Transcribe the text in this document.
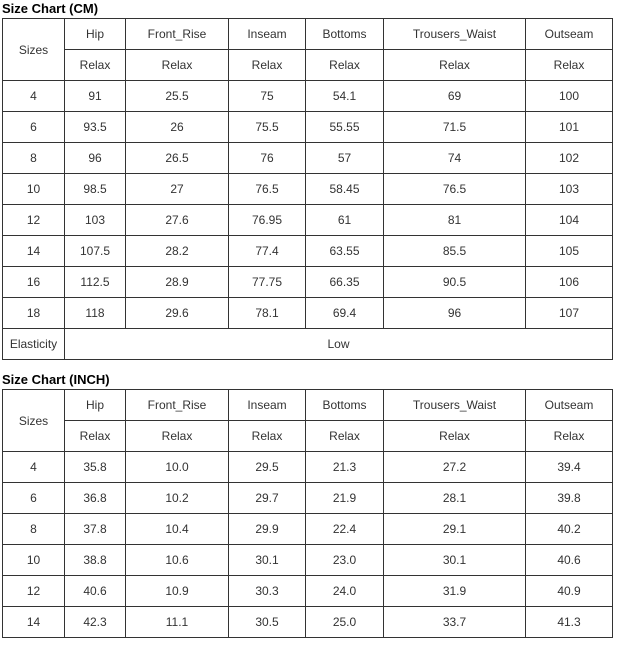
Size Chart (CM)
Sizes	Hip	Front_Rise	Inseam	Bottoms	Trousers_Waist	Outseam
	Relax	Relax	Relax	Relax	Relax	Relax
4	91	25.5	75	54.1	69	100
6	93.5	26	75.5	55.55	71.5	101
8	96	26.5	76	57	74	102
10	98.5	27	76.5	58.45	76.5	103
12	103	27.6	76.95	61	81	104
14	107.5	28.2	77.4	63.55	85.5	105
16	112.5	28.9	77.75	66.35	90.5	106
18	118	29.6	78.1	69.4	96	107
Elasticity	Low					
Size Chart (INCH)
Sizes	Hip	Front_Rise	Inseam	Bottoms	Trousers_Waist	Outseam
	Relax	Relax	Relax	Relax	Relax	Relax
4	35.8	10.0	29.5	21.3	27.2	39.4
6	36.8	10.2	29.7	21.9	28.1	39.8
8	37.8	10.4	29.9	22.4	29.1	40.2
10	38.8	10.6	30.1	23.0	30.1	40.6
12	40.6	10.9	30.3	24.0	31.9	40.9
14	42.3	11.1	30.5	25.0	33.7	41.3
